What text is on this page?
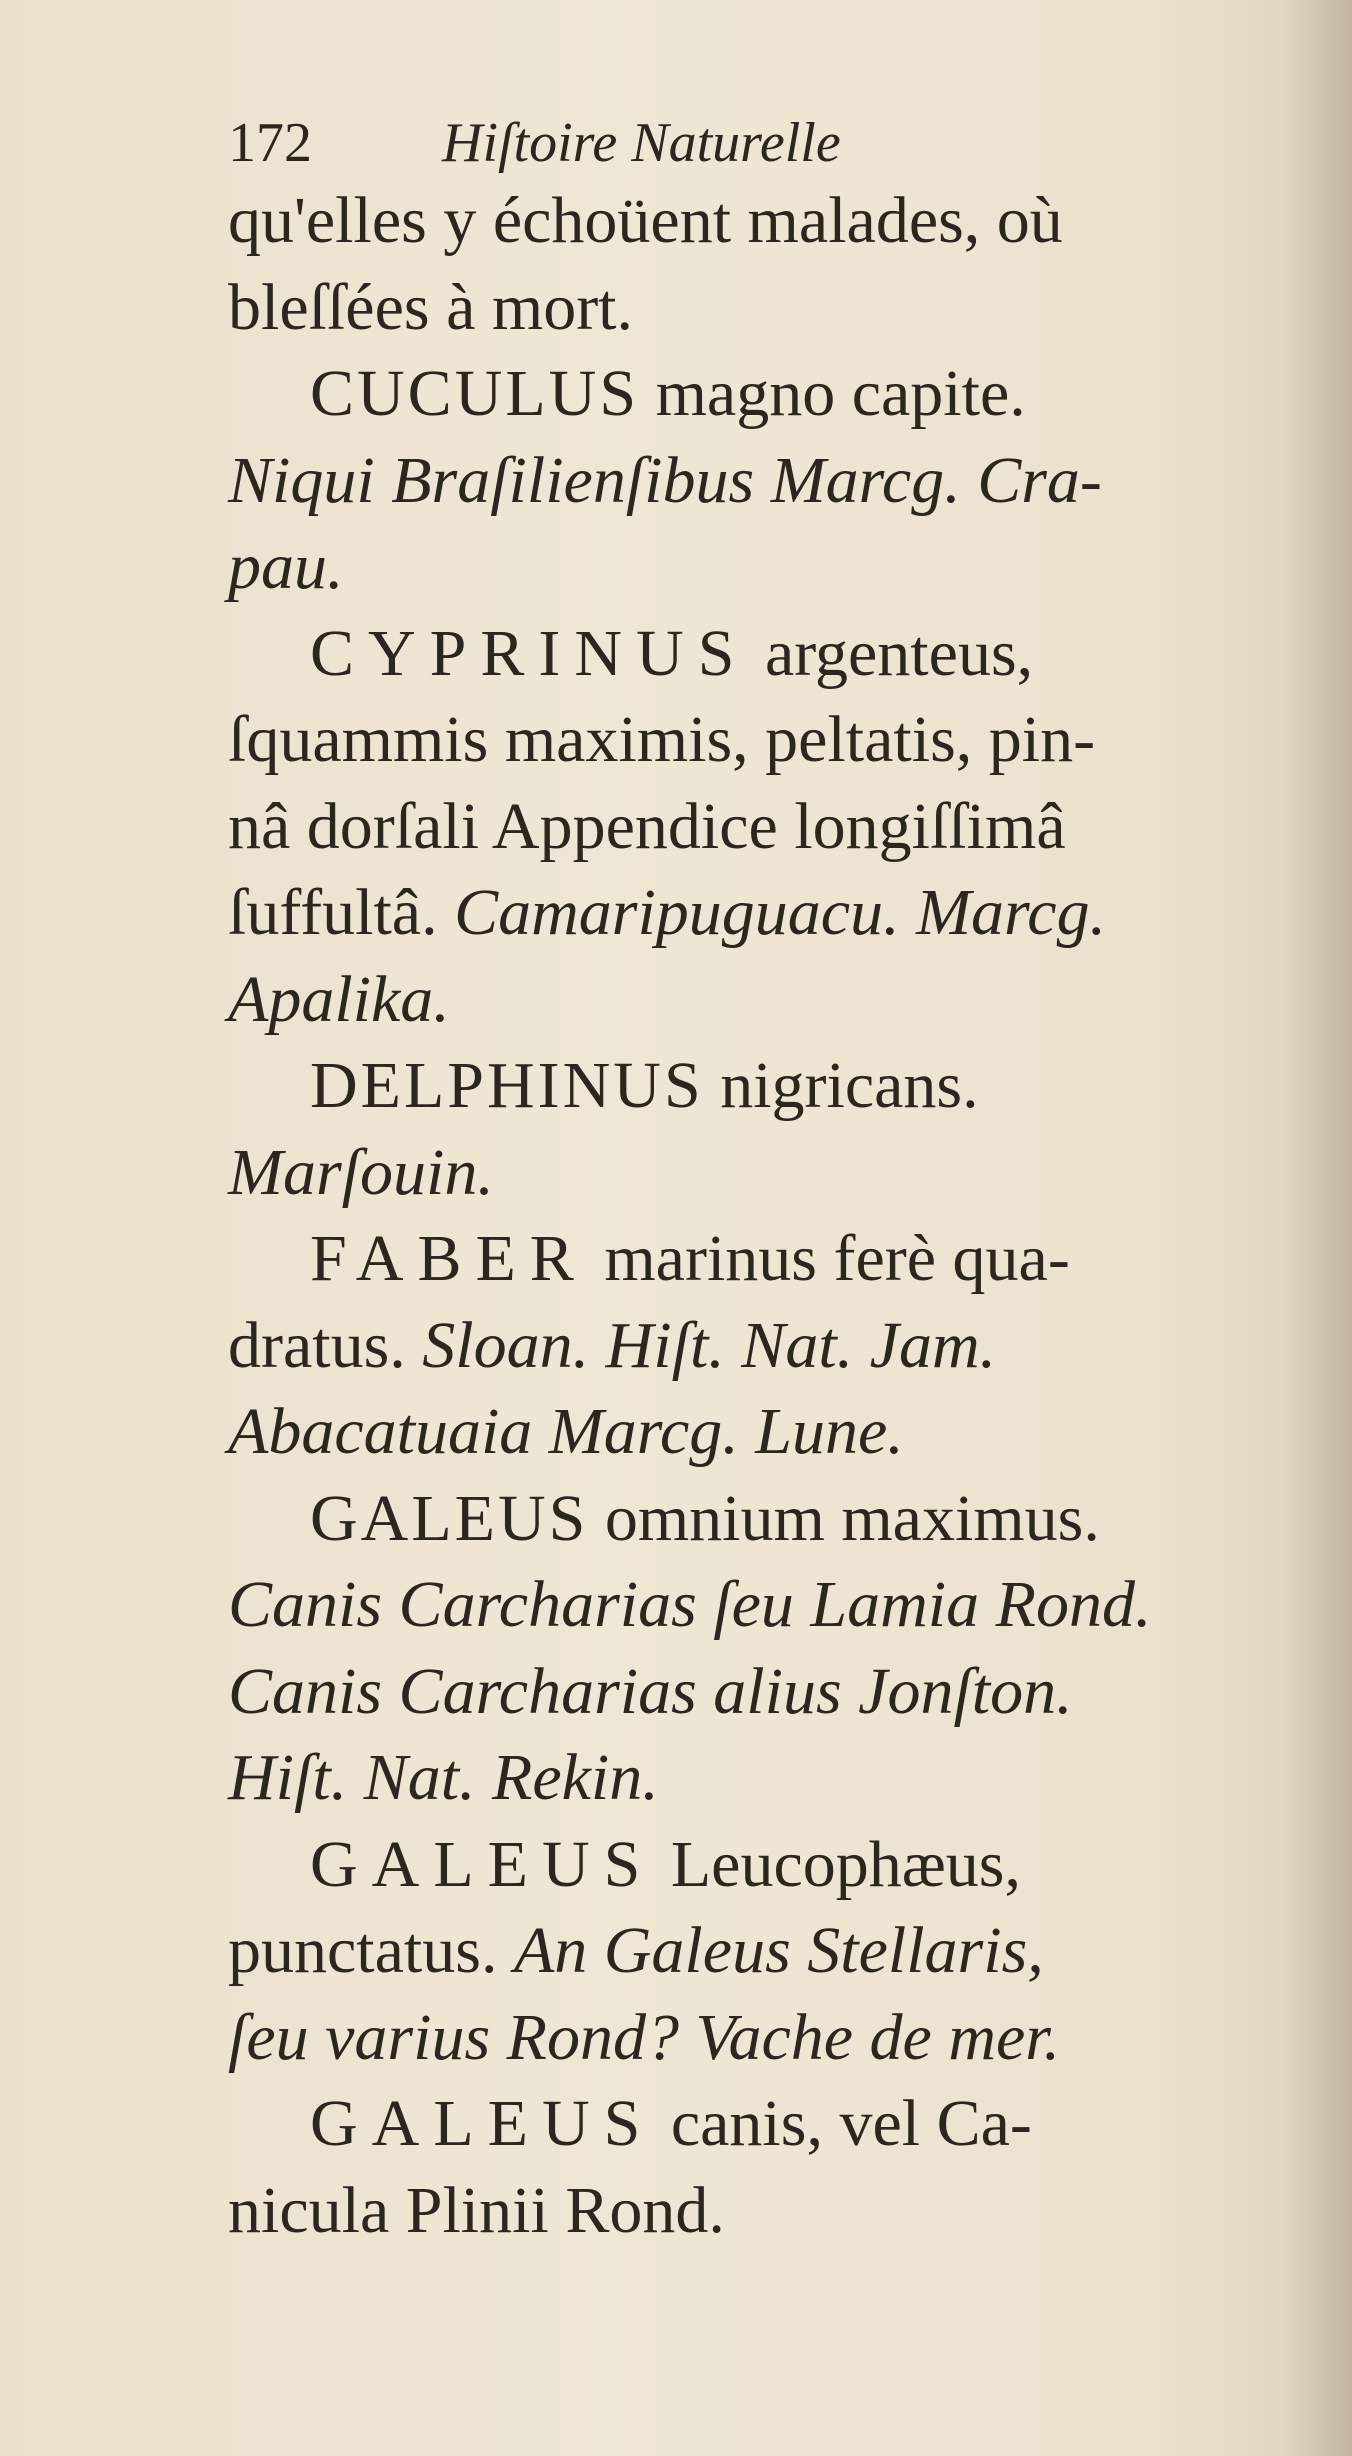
172 Hiſtoire Naturelle
qu'elles y échoüent malades, où
bleſſées à mort.
CUCULUS magno capite.
Niqui Braſilienſibus Marcg. Cra-
pau.
CYPRINUS argenteus,
ſquammis maximis, peltatis, pin-
nâ dorſali Appendice longiſſimâ
ſuffultâ. Camaripuguacu. Marcg.
Apalika.
DELPHINUS nigricans.
Marſouin.
FABER marinus ferè qua-
dratus. Sloan. Hiſt. Nat. Jam.
Abacatuaia Marcg. Lune.
GALEUS omnium maximus.
Canis Carcharias ſeu Lamia Rond.
Canis Carcharias alius Jonſton.
Hiſt. Nat. Rekin.
GALEUS Leucophæus,
punctatus. An Galeus Stellaris,
ſeu varius Rond? Vache de mer.
GALEUS canis, vel Ca-
nicula Plinii Rond.
